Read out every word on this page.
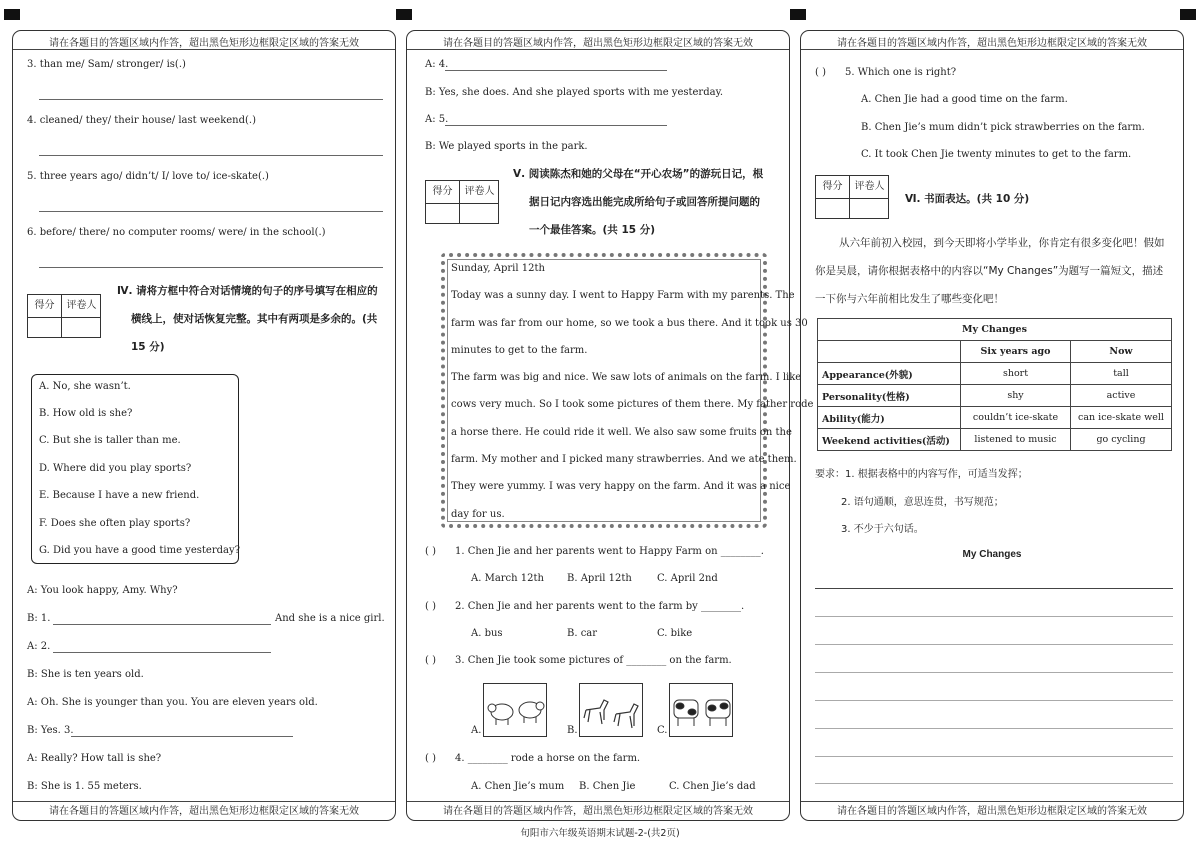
请在各题目的答题区域内作答，超出黑色矩形边框限定区域的答案无效
请在各题目的答题区域内作答，超出黑色矩形边框限定区域的答案无效
3. than me/ Sam/ stronger/ is(.)
4. cleaned/ they/ their house/ last weekend(.)
5. three years ago/ didn’t/ I/ love to/ ice-skate(.)
6. before/ there/ no computer rooms/ were/ in the school(.)
得分	评卷人
Ⅳ. 请将方框中符合对话情境的句子的序号填写在相应的
横线上，使对话恢复完整。其中有两项是多余的。(共
15 分)
A. No, she wasn’t.
B. How old is she?
C. But she is taller than me.
D. Where did you play sports?
E. Because I have a new friend.
F. Does she often play sports?
G. Did you have a good time yesterday?
A: You look happy, Amy. Why?
B: 1.	And she is a nice girl.
A: 2.
B: She is ten years old.
A: Oh. She is younger than you. You are eleven years old.
B: Yes. 3.
A: Really? How tall is she?
B: She is 1. 55 meters.
请在各题目的答题区域内作答，超出黑色矩形边框限定区域的答案无效
请在各题目的答题区域内作答，超出黑色矩形边框限定区域的答案无效
A: 4.
B: Yes, she does. And she played sports with me yesterday.
A: 5.
B: We played sports in the park.
得分	评卷人
Ⅴ. 阅读陈杰和她的父母在“开心农场”的游玩日记，根
据日记内容选出能完成所给句子或回答所提问题的
一个最佳答案。(共 15 分)
Sunday, April 12th
Today was a sunny day. I went to Happy Farm with my parents. The
farm was far from our home, so we took a bus there. And it took us 30
minutes to get to the farm.
The farm was big and nice. We saw lots of animals on the farm. I like
cows very much. So I took some pictures of them there. My father rode
a horse there. He could ride it well. We also saw some fruits on the
farm. My mother and I picked many strawberries. And we ate them.
They were yummy. I was very happy on the farm. And it was a nice
day for us.
( ) 1. Chen Jie and her parents went to Happy Farm on ________.
A. March 12th B. April 12th	C. April 2nd
( ) 2. Chen Jie and her parents went to the farm by ________.
A. bus	B. car	C. bike
( ) 3. Chen Jie took some pictures of ________ on the farm.
A.	B.	C.
( ) 4. ________ rode a horse on the farm.
A. Chen Jie’s mum B. Chen Jie	C. Chen Jie’s dad
请在各题目的答题区域内作答，超出黑色矩形边框限定区域的答案无效
请在各题目的答题区域内作答，超出黑色矩形边框限定区域的答案无效
( ) 5. Which one is right?
A. Chen Jie had a good time on the farm.
B. Chen Jie’s mum didn’t pick strawberries on the farm.
C. It took Chen Jie twenty minutes to get to the farm.
得分	评卷人
Ⅵ. 书面表达。(共 10 分)
从六年前初入校园，到今天即将小学毕业，你肯定有很多变化吧！假如
你是吴晨，请你根据表格中的内容以“My Changes”为题写一篇短文，描述
一下你与六年前相比发生了哪些变化吧！
My Changes		
	Six years ago	Now
Appearance(外貌)	short	tall
Personality(性格)	shy	active
Ability(能力)	couldn’t ice-skate	can ice-skate well
Weekend activities(活动)	listened to music	go cycling
要求：1. 根据表格中的内容写作，可适当发挥；
2. 语句通顺，意思连贯，书写规范；
3. 不少于六句话。
My Changes
旬阳市六年级英语期末试题-2-(共2页)
